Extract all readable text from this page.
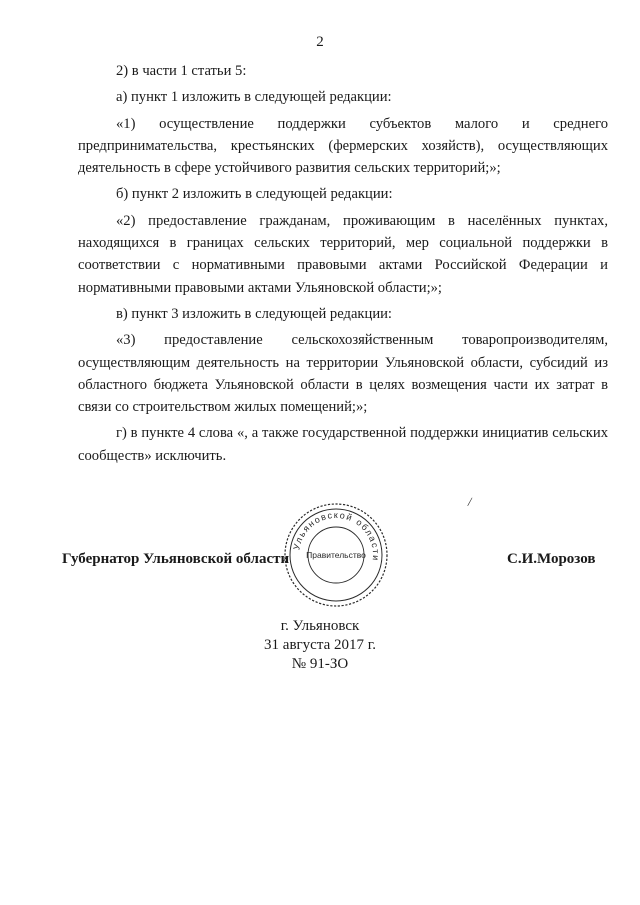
2

2) в части 1 статьи 5:

а) пункт 1 изложить в следующей редакции:

«1) осуществление поддержки субъектов малого и среднего предпринимательства, крестьянских (фермерских хозяйств), осуществляющих деятельность в сфере устойчивого развития сельских территорий;»;

б) пункт 2 изложить в следующей редакции:

«2) предоставление гражданам, проживающим в населённых пунктах, находящихся в границах сельских территорий, мер социальной поддержки в соответствии с нормативными правовыми актами Российской Федерации и нормативными правовыми актами Ульяновской области;»;

в) пункт 3 изложить в следующей редакции:

«3) предоставление сельскохозяйственным товаропроизводителям, осуществляющим деятельность на территории Ульяновской области, субсидий из областного бюджета Ульяновской области в целях возмещения части их затрат в связи со строительством жилых помещений;»;

г) в пункте 4 слова «, а также государственной поддержки инициатив сельских сообществ» исключить.

/
Губернатор Ульяновской области
Ульяновской области
Правительство	С.И.Морозов
г. Ульяновск
31 августа 2017 г.
№ 91-ЗО
